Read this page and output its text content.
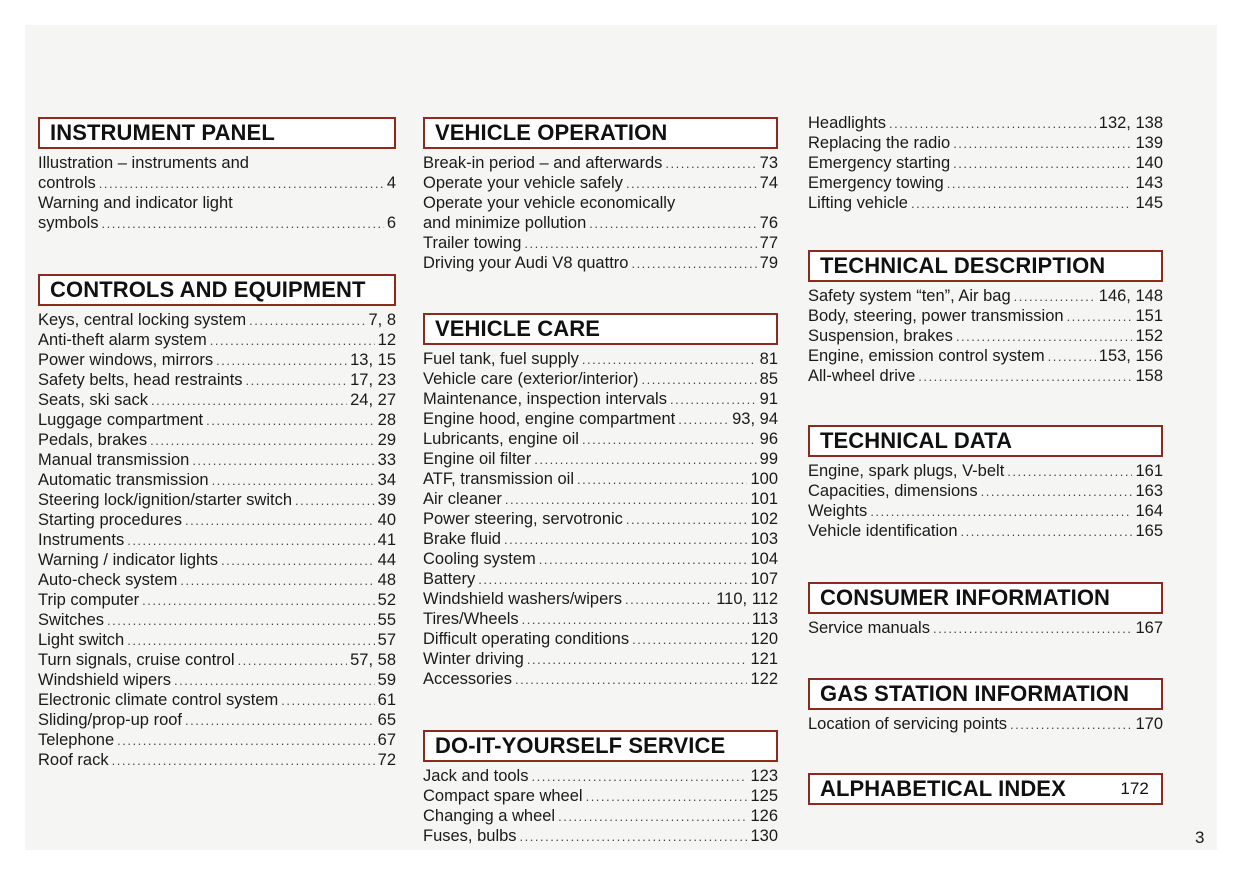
INSTRUMENT PANEL
Illustration – instruments and
controls .....	4
Warning and indicator light
symbols .....	6
CONTROLS AND EQUIPMENT
Keys, central locking system .....	7, 8
Anti-theft alarm system .....	12
Power windows, mirrors .....	13, 15
Safety belts, head restraints .....	17, 23
Seats, ski sack .....	24, 27
Luggage compartment .....	28
Pedals, brakes .....	29
Manual transmission .....	33
Automatic transmission .....	34
Steering lock/ignition/starter switch .....	39
Starting procedures .....	40
Instruments .....	41
Warning / indicator lights .....	44
Auto-check system .....	48
Trip computer .....	52
Switches .....	55
Light switch .....	57
Turn signals, cruise control .....	57, 58
Windshield wipers .....	59
Electronic climate control system .....	61
Sliding/prop-up roof .....	65
Telephone .....	67
Roof rack .....	72
VEHICLE OPERATION
Break-in period – and afterwards .....	73
Operate your vehicle safely .....	74
Operate your vehicle economically
and minimize pollution .....	76
Trailer towing .....	77
Driving your Audi V8 quattro .....	79
VEHICLE CARE
Fuel tank, fuel supply .....	81
Vehicle care (exterior/interior) .....	85
Maintenance, inspection intervals .....	91
Engine hood, engine compartment .....	93, 94
Lubricants, engine oil .....	96
Engine oil filter .....	99
ATF, transmission oil .....	100
Air cleaner .....	101
Power steering, servotronic .....	102
Brake fluid .....	103
Cooling system .....	104
Battery .....	107
Windshield washers/wipers .....	110, 112
Tires/Wheels .....	113
Difficult operating conditions .....	120
Winter driving .....	121
Accessories .....	122
DO-IT-YOURSELF SERVICE
Jack and tools .....	123
Compact spare wheel .....	125
Changing a wheel .....	126
Fuses, bulbs .....	130
Headlights .....	132, 138
Replacing the radio .....	139
Emergency starting .....	140
Emergency towing .....	143
Lifting vehicle .....	145
TECHNICAL DESCRIPTION
Safety system “ten”, Air bag .....	146, 148
Body, steering, power transmission .....	151
Suspension, brakes .....	152
Engine, emission control system .....	153, 156
All-wheel drive .....	158
TECHNICAL DATA
Engine, spark plugs, V-belt .....	161
Capacities, dimensions .....	163
Weights .....	164
Vehicle identification .....	165
CONSUMER INFORMATION
Service manuals .....	167
GAS STATION INFORMATION
Location of servicing points .....	170
ALPHABETICAL INDEX	172
3
